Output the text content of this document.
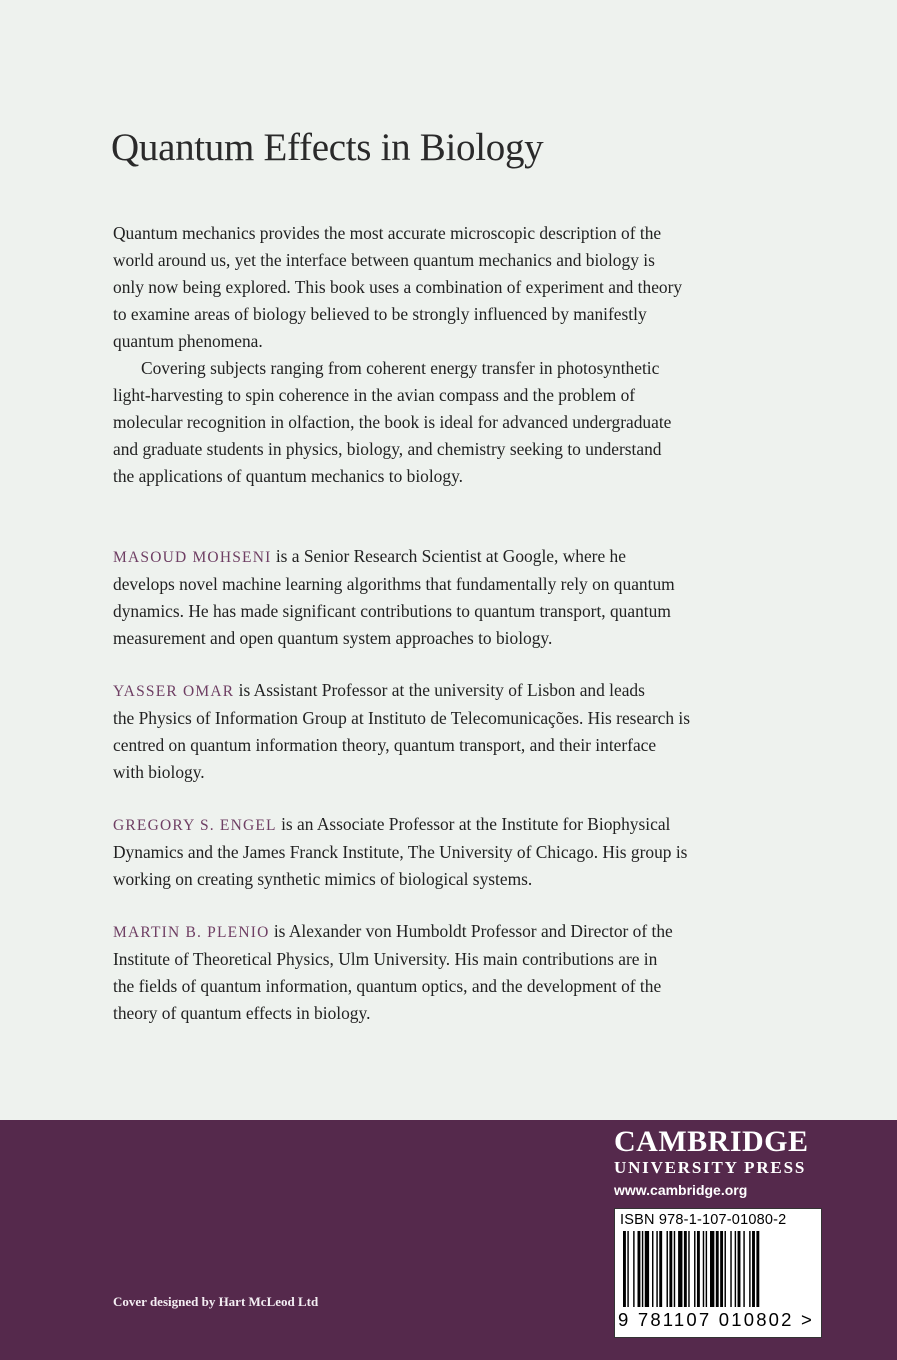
Quantum Effects in Biology
Quantum mechanics provides the most accurate microscopic description of the
world around us, yet the interface between quantum mechanics and biology is
only now being explored. This book uses a combination of experiment and theory
to examine areas of biology believed to be strongly influenced by manifestly
quantum phenomena.
Covering subjects ranging from coherent energy transfer in photosynthetic
light-harvesting to spin coherence in the avian compass and the problem of
molecular recognition in olfaction, the book is ideal for advanced undergraduate
and graduate students in physics, biology, and chemistry seeking to understand
the applications of quantum mechanics to biology.
MASOUD MOHSENI is a Senior Research Scientist at Google, where he
develops novel machine learning algorithms that fundamentally rely on quantum
dynamics. He has made significant contributions to quantum transport, quantum
measurement and open quantum system approaches to biology.
YASSER OMAR is Assistant Professor at the university of Lisbon and leads
the Physics of Information Group at Instituto de Telecomunicações. His research is
centred on quantum information theory, quantum transport, and their interface
with biology.
GREGORY S. ENGEL is an Associate Professor at the Institute for Biophysical
Dynamics and the James Franck Institute, The University of Chicago. His group is
working on creating synthetic mimics of biological systems.
MARTIN B. PLENIO is Alexander von Humboldt Professor and Director of the
Institute of Theoretical Physics, Ulm University. His main contributions are in
the fields of quantum information, quantum optics, and the development of the
theory of quantum effects in biology.
Cover designed by Hart McLeod Ltd
CAMBRIDGE
UNIVERSITY PRESS
www.cambridge.org
ISBN 978-1-107-01080-2
9 781107 010802 >
